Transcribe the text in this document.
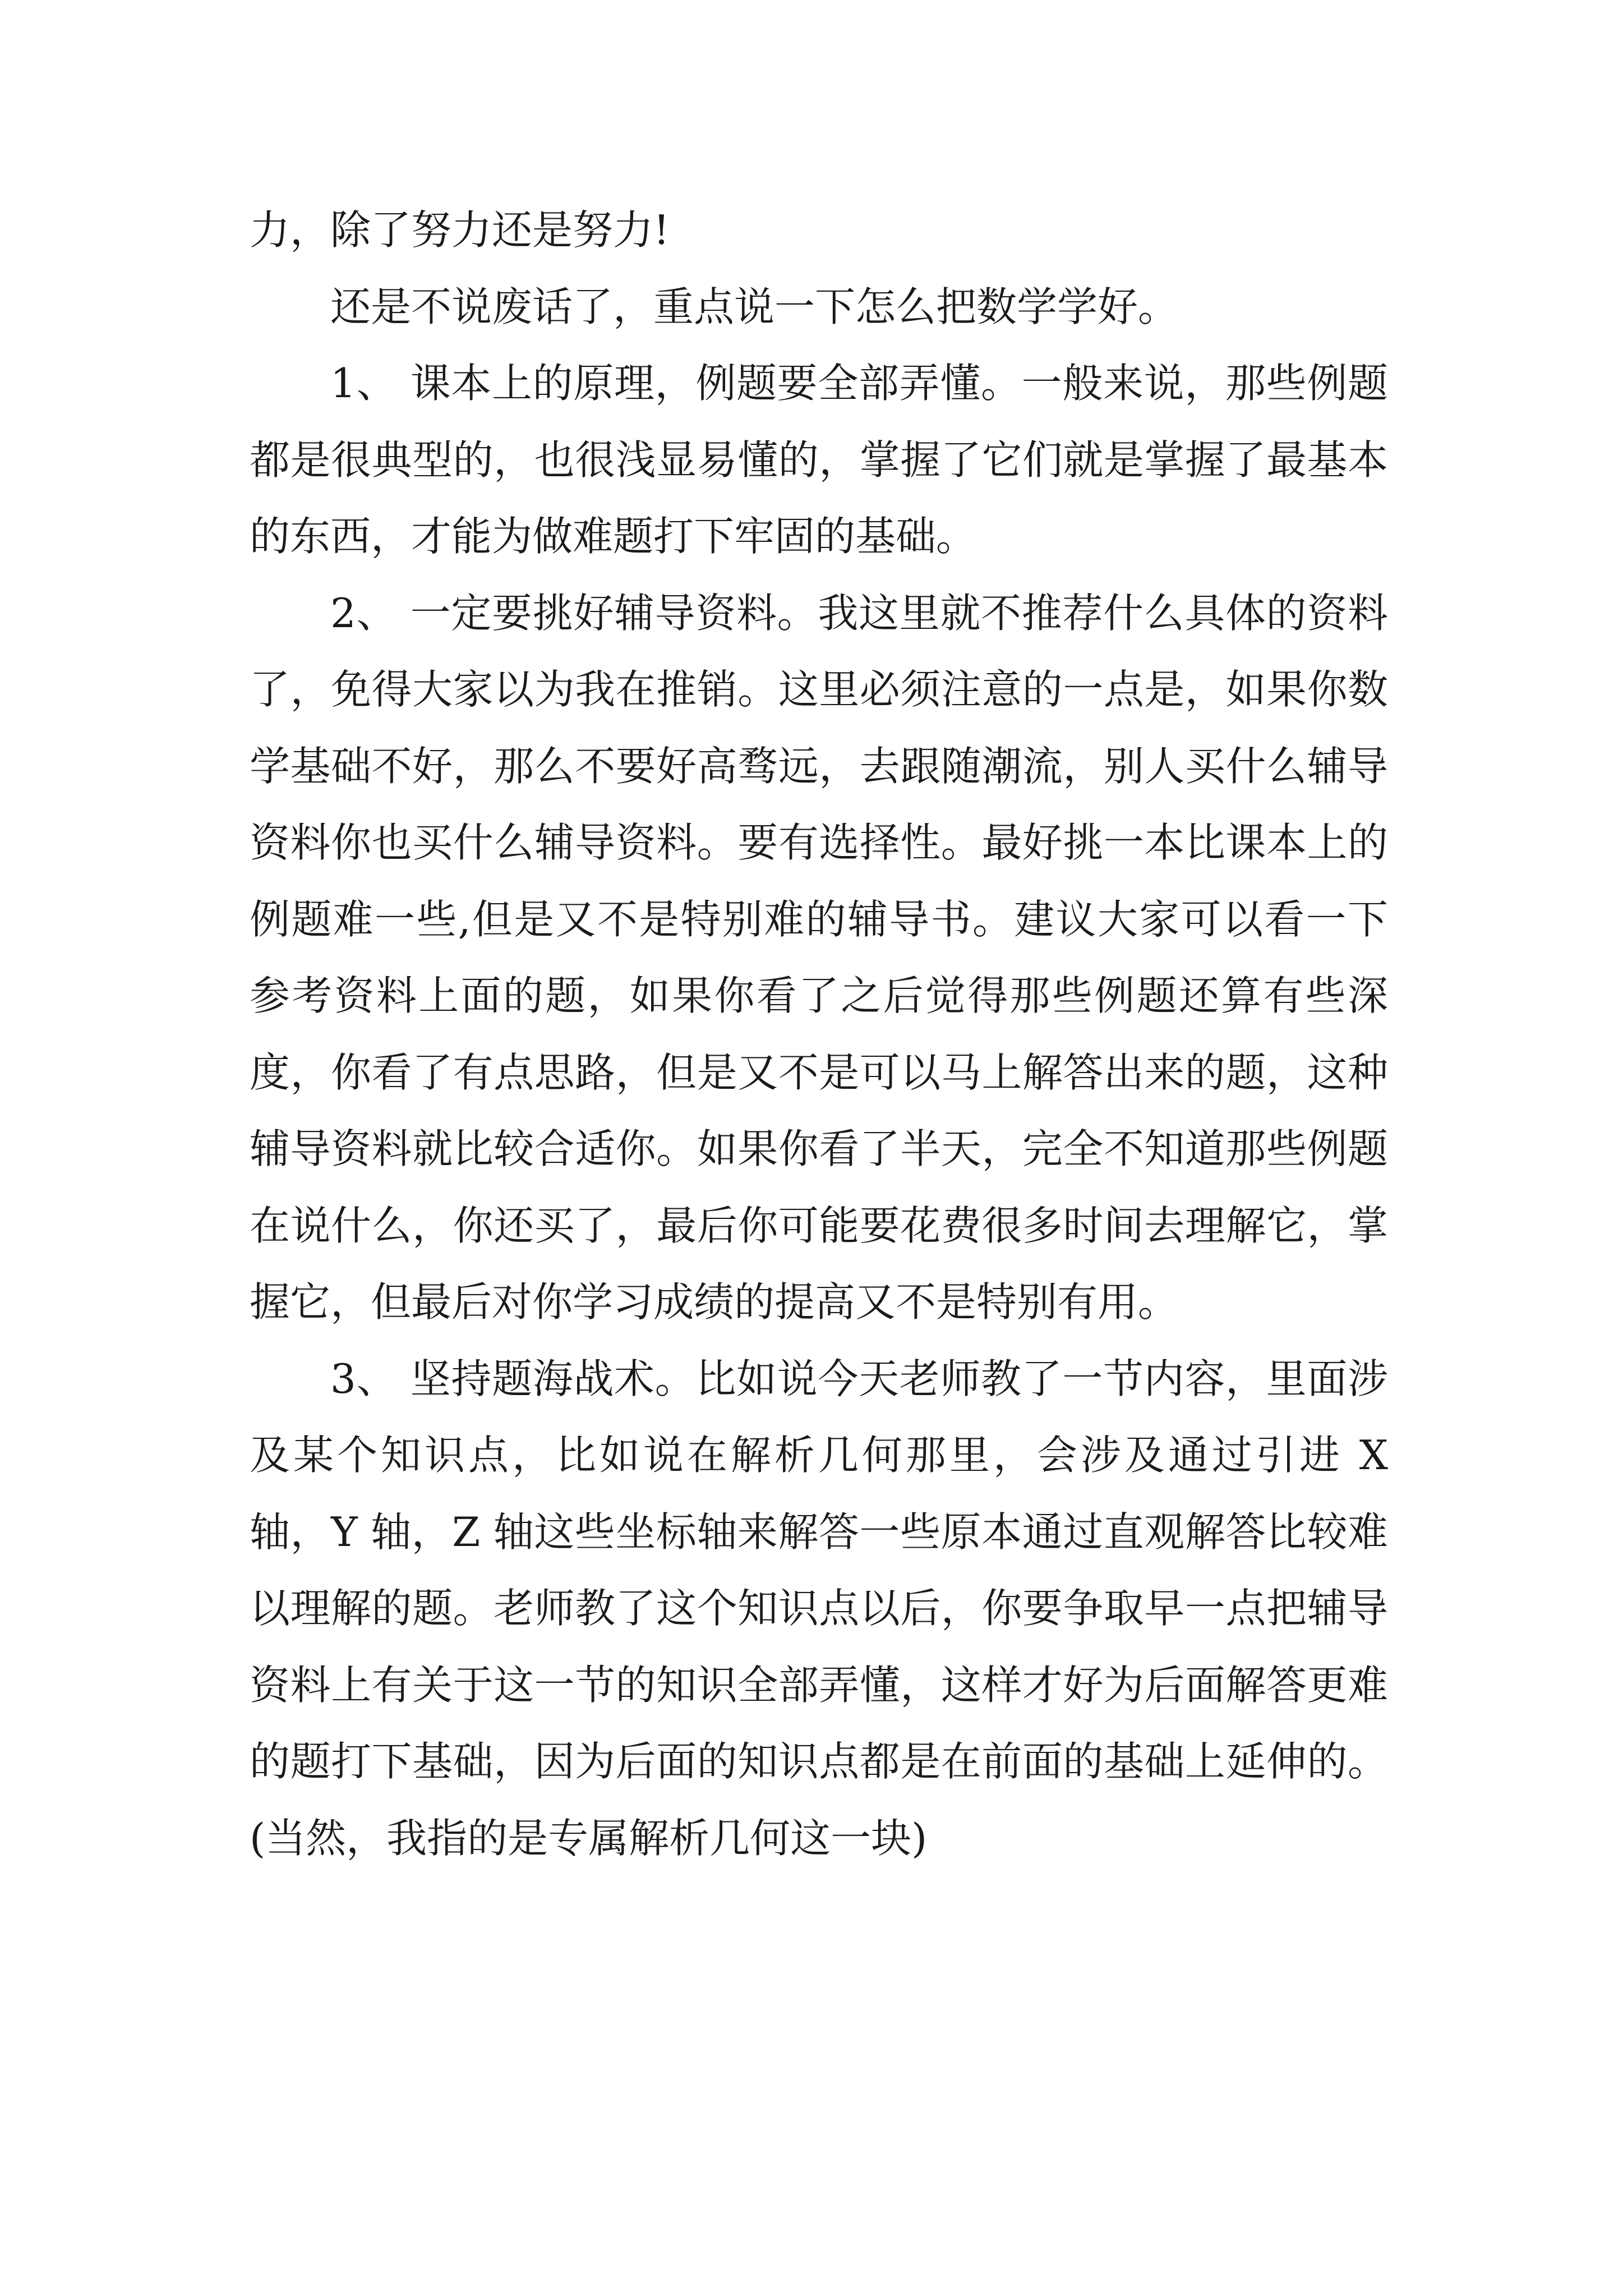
力，除了努力还是努力!

还是不说废话了，重点说一下怎么把数学学好。

1、 课本上的原理，例题要全部弄懂。一般来说，那些例题都是很典型的，也很浅显易懂的，掌握了它们就是掌握了最基本的东西，才能为做难题打下牢固的基础。

2、 一定要挑好辅导资料。我这里就不推荐什么具体的资料了，免得大家以为我在推销。这里必须注意的一点是，如果你数学基础不好，那么不要好高骛远，去跟随潮流，别人买什么辅导资料你也买什么辅导资料。要有选择性。最好挑一本比课本上的例题难一些,但是又不是特别难的辅导书。建议大家可以看一下参考资料上面的题，如果你看了之后觉得那些例题还算有些深度，你看了有点思路，但是又不是可以马上解答出来的题，这种辅导资料就比较合适你。如果你看了半天，完全不知道那些例题在说什么，你还买了，最后你可能要花费很多时间去理解它，掌握它，但最后对你学习成绩的提高又不是特别有用。

3、 坚持题海战术。比如说今天老师教了一节内容，里面涉及某个知识点，比如说在解析几何那里，会涉及通过引进 X 轴，Y 轴，Z 轴这些坐标轴来解答一些原本通过直观解答比较难以理解的题。老师教了这个知识点以后，你要争取早一点把辅导资料上有关于这一节的知识全部弄懂，这样才好为后面解答更难的题打下基础，因为后面的知识点都是在前面的基础上延伸的。(当然，我指的是专属解析几何这一块)
